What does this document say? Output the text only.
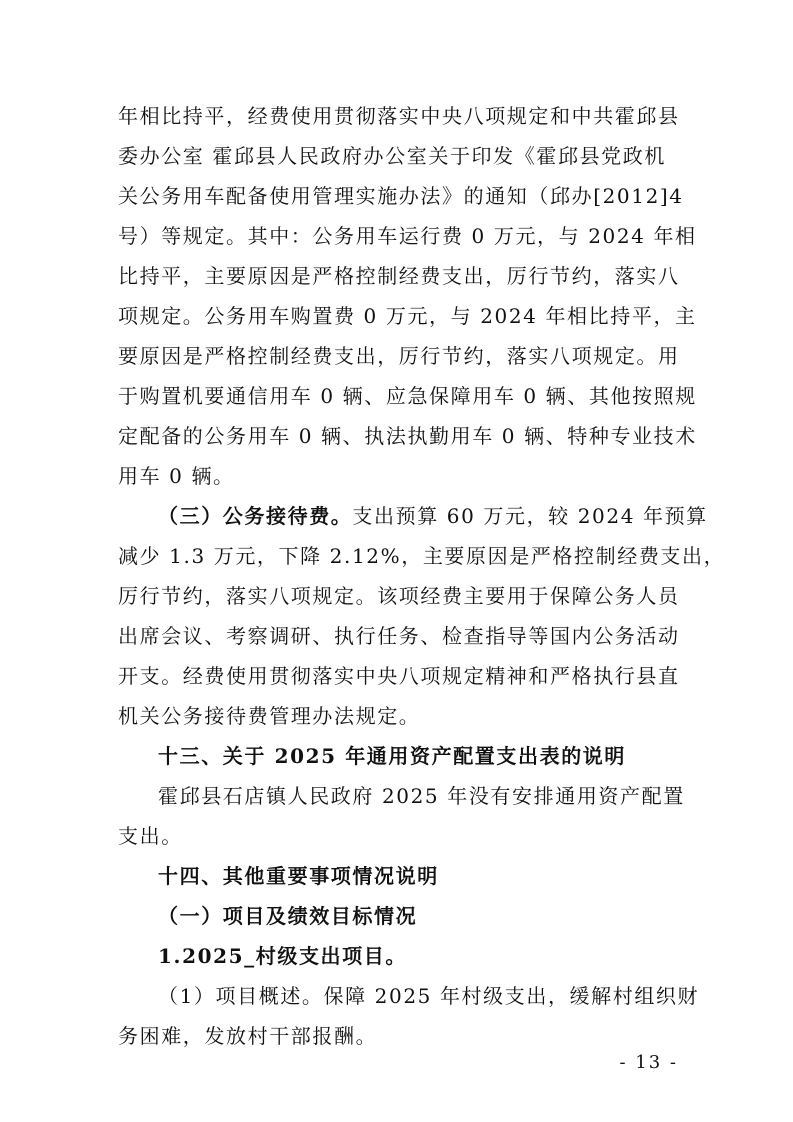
年相比持平，经费使用贯彻落实中央八项规定和中共霍邱县
委办公室 霍邱县人民政府办公室关于印发《霍邱县党政机
关公务用车配备使用管理实施办法》的通知（邱办[2012]4
号）等规定。其中：公务用车运行费 0 万元，与 2024 年相
比持平，主要原因是严格控制经费支出，厉行节约，落实八
项规定。公务用车购置费 0 万元，与 2024 年相比持平，主
要原因是严格控制经费支出，厉行节约，落实八项规定。用
于购置机要通信用车 0 辆、应急保障用车 0 辆、其他按照规
定配备的公务用车 0 辆、执法执勤用车 0 辆、特种专业技术
用车 0 辆。
（三）公务接待费。支出预算 60 万元，较 2024 年预算
减少 1.3 万元，下降 2.12%，主要原因是严格控制经费支出，
厉行节约，落实八项规定。该项经费主要用于保障公务人员
出席会议、考察调研、执行任务、检查指导等国内公务活动
开支。经费使用贯彻落实中央八项规定精神和严格执行县直
机关公务接待费管理办法规定。
十三、关于 2025 年通用资产配置支出表的说明
霍邱县石店镇人民政府 2025 年没有安排通用资产配置
支出。
十四、其他重要事项情况说明
（一）项目及绩效目标情况
1.2025_村级支出项目。
（1）项目概述。保障 2025 年村级支出，缓解村组织财
务困难，发放村干部报酬。
- 13 -
